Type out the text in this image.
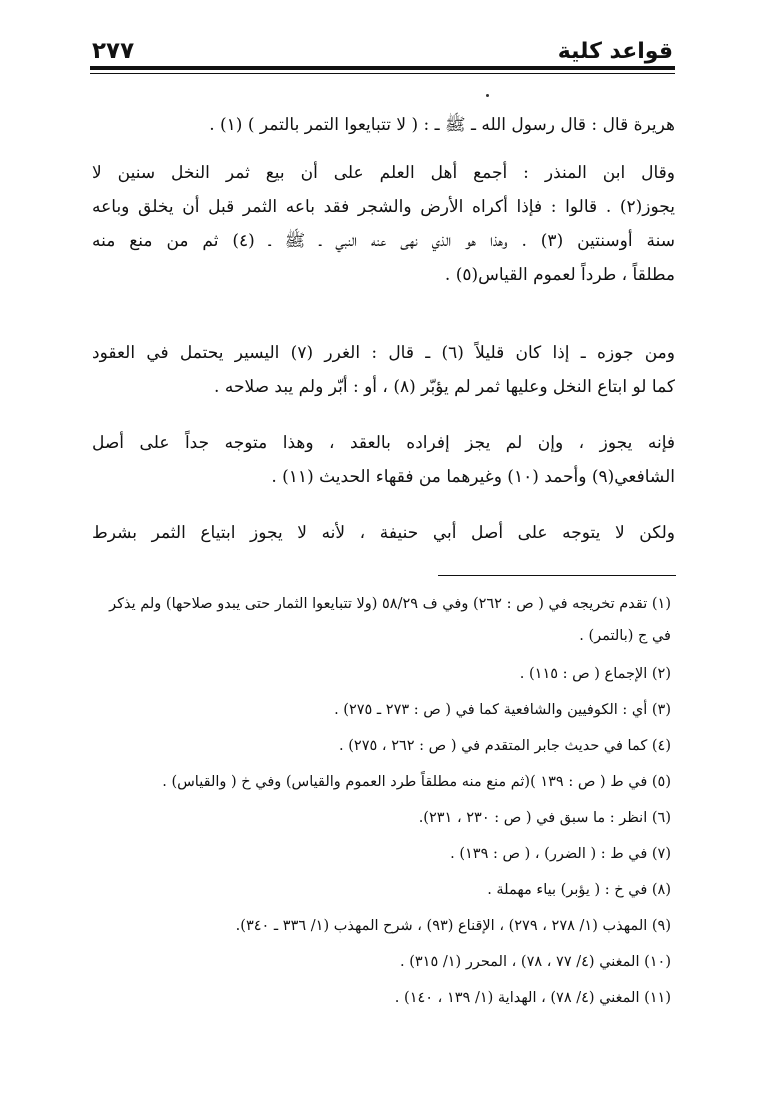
قواعد كلية
٢٧٧
هريرة قال : قال رسول الله ـ ﷺ ـ : ( لا تتبايعوا التمر بالتمر ) (١) .
وقال ابن المنذر : أجمع أهل العلم على أن بيع ثمر النخل سنين لا
يجوز(٢) . قالوا : فإذا أكراه الأرض والشجر فقد باعه الثمر قبل أن يخلق وباعه
سنة أوسنتين (٣) . وهذا هو الذي نهى عنه النبي ـ ﷺ ـ (٤) ثم من منع منه
مطلقاً ، طرداً لعموم القياس(٥) .
ومن جوزه ـ إذا كان قليلاً (٦) ـ قال : الغرر (٧) اليسير يحتمل في العقود
كما لو ابتاع النخل وعليها ثمر لم يؤبّر (٨) ، أو : أبّر ولم يبد صلاحه .
فإنه يجوز ، وإن لم يجز إفراده بالعقد ، وهذا متوجه جداً على أصل
الشافعي(٩) وأحمد (١٠) وغيرهما من فقهاء الحديث (١١) .
ولكن لا يتوجه على أصل أبي حنيفة ، لأنه لا يجوز ابتياع الثمر بشرط
(١) تقدم تخريجه في ( ص : ٢٦٢) وفي ف ٥٨/٢٩ (ولا تتبايعوا الثمار حتى يبدو صلاحها) ولم يذكر في ج (بالتمر) .
(٢) الإجماع ( ص : ١١٥) .
(٣) أي : الكوفيين والشافعية كما في ( ص : ٢٧٣ ـ ٢٧٥) .
(٤) كما في حديث جابر المتقدم في ( ص : ٢٦٢ ، ٢٧٥) .
(٥) في ط ( ص : ١٣٩ )(ثم منع منه مطلقاً طرد العموم والقياس) وفي خ ( والقياس) .
(٦) انظر : ما سبق في ( ص : ٢٣٠ ، ٢٣١).
(٧) في ط : ( الضرر) ، ( ص : ١٣٩) .
(٨) في خ : ( يؤبر) بياء مهملة .
(٩) المهذب (١/ ٢٧٨ ، ٢٧٩) ، الإقناع (٩٣) ، شرح المهذب (١/ ٣٣٦ ـ ٣٤٠).
(١٠) المغني (٤/ ٧٧ ، ٧٨) ، المحرر (١/ ٣١٥) .
(١١) المغني (٤/ ٧٨) ، الهداية (١/ ١٣٩ ، ١٤٠) .
